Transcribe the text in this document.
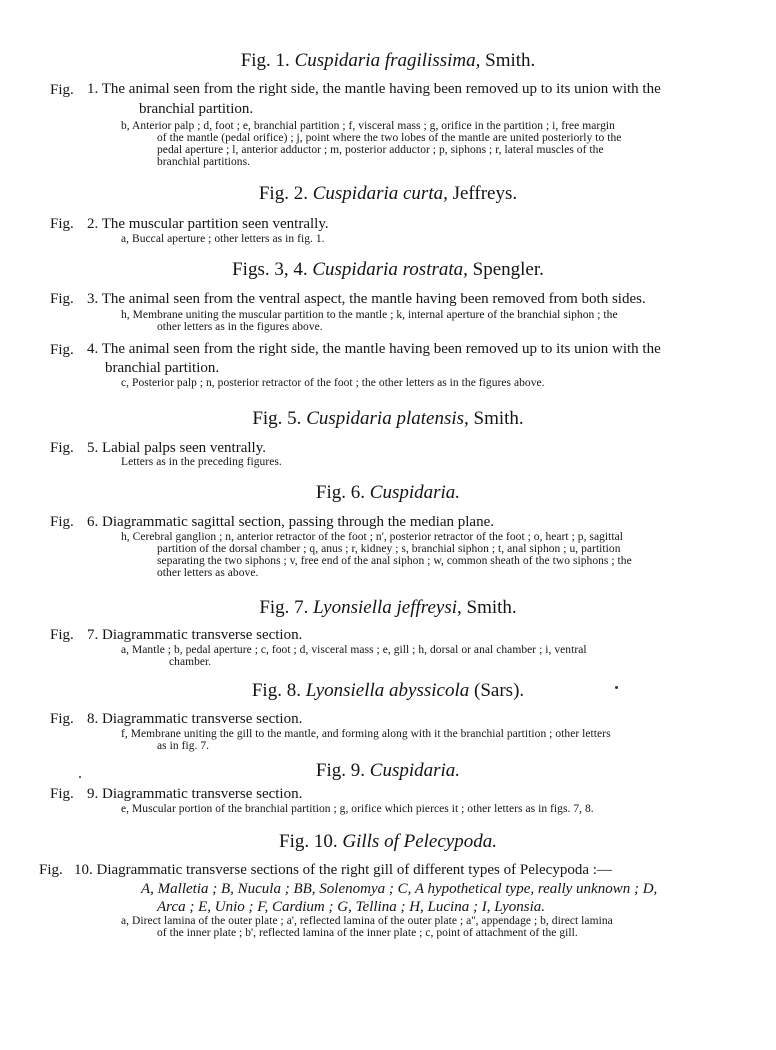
Fig. 1. Cuspidaria fragilissima, Smith.
Fig. 1. The animal seen from the right side, the mantle having been removed up to its union with the
branchial partition.
b, Anterior palp ; d, foot ; e, branchial partition ; f, visceral mass ; g, orifice in the partition ; i, free margin
of the mantle (pedal orifice) ; j, point where the two lobes of the mantle are united posteriorly to the
pedal aperture ; l, anterior adductor ; m, posterior adductor ; p, siphons ; r, lateral muscles of the
branchial partitions.
Fig. 2. Cuspidaria curta, Jeffreys.
Fig. 2. The muscular partition seen ventrally.
a, Buccal aperture ; other letters as in fig. 1.
Figs. 3, 4. Cuspidaria rostrata, Spengler.
Fig. 3. The animal seen from the ventral aspect, the mantle having been removed from both sides.
h, Membrane uniting the muscular partition to the mantle ; k, internal aperture of the branchial siphon ; the
other letters as in the figures above.
Fig. 4. The animal seen from the right side, the mantle having been removed up to its union with the
branchial partition.
c, Posterior palp ; n, posterior retractor of the foot ; the other letters as in the figures above.
Fig. 5. Cuspidaria platensis, Smith.
Fig. 5. Labial palps seen ventrally.
Letters as in the preceding figures.
Fig. 6. Cuspidaria.
Fig. 6. Diagrammatic sagittal section, passing through the median plane.
h, Cerebral ganglion ; n, anterior retractor of the foot ; n', posterior retractor of the foot ; o, heart ; p, sagittal
partition of the dorsal chamber ; q, anus ; r, kidney ; s, branchial siphon ; t, anal siphon ; u, partition
separating the two siphons ; v, free end of the anal siphon ; w, common sheath of the two siphons ; the
other letters as above.
Fig. 7. Lyonsiella jeffreysi, Smith.
Fig. 7. Diagrammatic transverse section.
a, Mantle ; b, pedal aperture ; c, foot ; d, visceral mass ; e, gill ; h, dorsal or anal chamber ; i, ventral
chamber.
Fig. 8. Lyonsiella abyssicola (Sars).
Fig. 8. Diagrammatic transverse section.
f, Membrane uniting the gill to the mantle, and forming along with it the branchial partition ; other letters
as in fig. 7.
Fig. 9. Cuspidaria.
Fig. 9. Diagrammatic transverse section.
e, Muscular portion of the branchial partition ; g, orifice which pierces it ; other letters as in figs. 7, 8.
Fig. 10. Gills of Pelecypoda.
Fig. 10. Diagrammatic transverse sections of the right gill of different types of Pelecypoda :—
A, Malletia ; B, Nucula ; BB, Solenomya ; C, A hypothetical type, really unknown ; D,
Arca ; E, Unio ; F, Cardium ; G, Tellina ; H, Lucina ; I, Lyonsia.
a, Direct lamina of the outer plate ; a', reflected lamina of the outer plate ; a'', appendage ; b, direct lamina
of the inner plate ; b', reflected lamina of the inner plate ; c, point of attachment of the gill.
